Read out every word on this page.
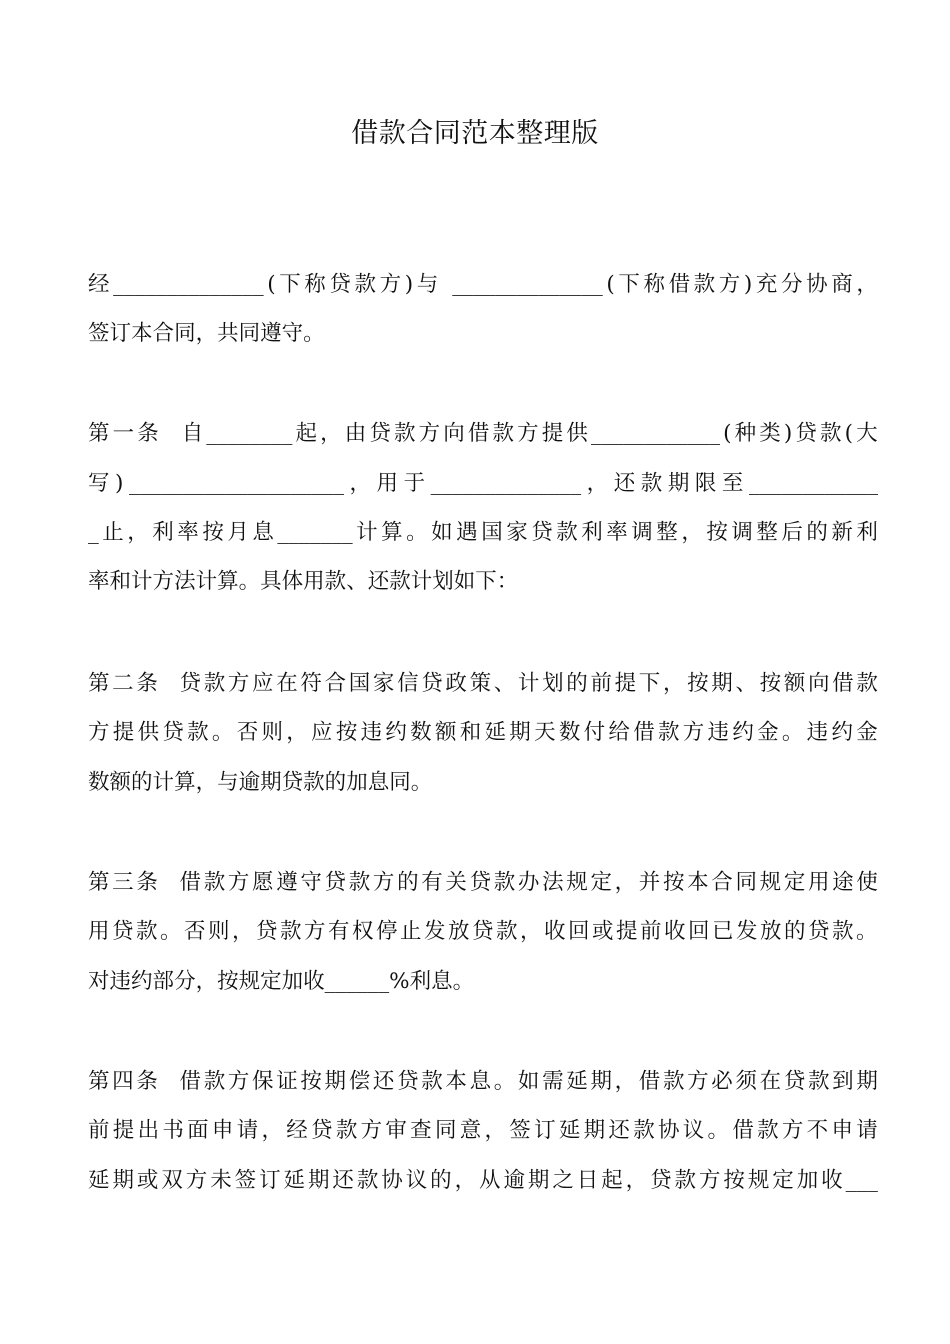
借款合同范本整理版

经 ______________ ( 下 称 贷 款 方 ) 与
______________ ( 下 称 借 款 方 ) 充 分 协 商 ，

签 订 本 合 同 ， 共 同 遵 守 。

第 一 条

自 ________ 起 ， 由 贷 款 方 向 借 款 方 提 供 ____________ ( 种 类 ) 贷 款 ( 大

写 ) ____________________ ， 用 于 ______________ ， 还 款 期 限 至 ____________

_ 止 ， 利 率 按 月 息 _______ 计 算 。 如 遇 国 家 贷 款 利 率 调 整 ， 按 调 整 后 的 新 利

率 和 计 方 法 计 算 。 具 体 用 款 、 还 款 计 划 如 下 ：

第 二 条

贷 款 方 应 在 符 合 国 家 信 贷 政 策 、 计 划 的 前 提 下 ， 按 期 、 按 额 向 借 款

方 提 供 贷 款 。 否 则 ， 应 按 违 约 数 额 和 延 期 天 数 付 给 借 款 方 违 约 金 。 违 约 金

数 额 的 计 算 ， 与 逾 期 贷 款 的 加 息 同 。

第 三 条

借 款 方 愿 遵 守 贷 款 方 的 有 关 贷 款 办 法 规 定 ， 并 按 本 合 同 规 定 用 途 使

用 贷 款 。 否 则 ， 贷 款 方 有 权 停 止 发 放 贷 款 ， 收 回 或 提 前 收 回 已 发 放 的 贷 款 。

对 违 约 部 分 ， 按 规 定 加 收 ______ % 利 息 。

第 四 条

借 款 方 保 证 按 期 偿 还 贷 款 本 息 。 如 需 延 期 ， 借 款 方 必 须 在 贷 款 到 期

前 提 出 书 面 申 请 ， 经 贷 款 方 审 查 同 意 ， 签 订 延 期 还 款 协 议 。 借 款 方 不 申 请

延 期 或 双 方 未 签 订 延 期 还 款 协 议 的 ， 从 逾 期 之 日 起 ， 贷 款 方 按 规 定 加 收 ___
